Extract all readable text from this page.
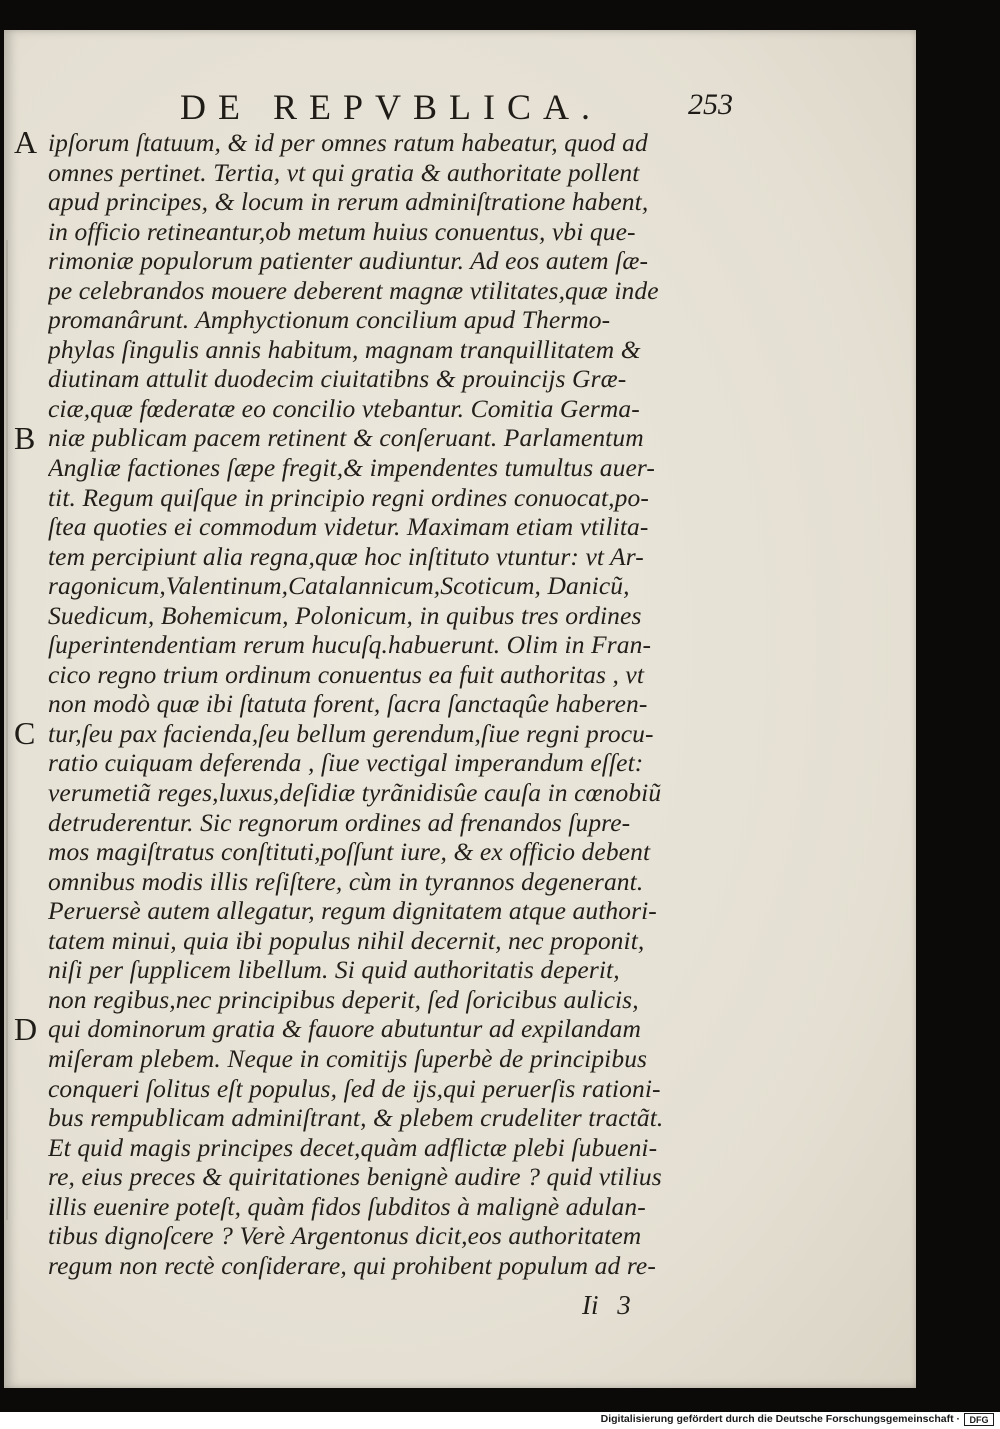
DE REPVBLICA.	253
ipſorum ſtatuum, & id per omnes ratum habeatur, quod ad
omnes pertinet. Tertia, vt qui gratia & authoritate pollent
apud principes, & locum in rerum adminiſtratione habent,
in officio retineantur,ob metum huius conuentus, vbi que-
rimoniæ populorum patienter audiuntur. Ad eos autem ſæ-
pe celebrandos mouere deberent magnæ vtilitates,quæ inde
promanârunt. Amphyctionum concilium apud Thermo-
phylas ſingulis annis habitum, magnam tranquillitatem &
diutinam attulit duodecim ciuitatibns & prouincijs Græ-
ciæ,quæ fœderatæ eo concilio vtebantur. Comitia Germa-
niæ publicam pacem retinent & conſeruant. Parlamentum
Angliæ factiones ſæpe fregit,& impendentes tumultus auer-
tit. Regum quiſque in principio regni ordines conuocat,po-
ſtea quoties ei commodum videtur. Maximam etiam vtilita-
tem percipiunt alia regna,quæ hoc inſtituto vtuntur: vt Ar-
ragonicum,Valentinum,Catalannicum,Scoticum, Danicũ,
Suedicum, Bohemicum, Polonicum, in quibus tres ordines
ſuperintendentiam rerum hucuſq.habuerunt. Olim in Fran-
cico regno trium ordinum conuentus ea fuit authoritas , vt
non modò quæ ibi ſtatuta forent, ſacra ſanctaqûe haberen-
tur,ſeu pax facienda,ſeu bellum gerendum,ſiue regni procu-
ratio cuiquam deferenda , ſiue vectigal imperandum eſſet:
verumetiã reges,luxus,deſidiæ tyrãnidisûe cauſa in cœnobiũ
detruderentur. Sic regnorum ordines ad frenandos ſupre-
mos magiſtratus conſtituti,poſſunt iure, & ex officio debent
omnibus modis illis reſiſtere, cùm in tyrannos degenerant.
Peruersè autem allegatur, regum dignitatem atque authori-
tatem minui, quia ibi populus nihil decernit, nec proponit,
niſi per ſupplicem libellum. Si quid authoritatis deperit,
non regibus,nec principibus deperit, ſed ſoricibus aulicis,
qui dominorum gratia & fauore abutuntur ad expilandam
miſeram plebem. Neque in comitijs ſuperbè de principibus
conqueri ſolitus eſt populus, ſed de ijs,qui peruerſis rationi-
bus rempublicam adminiſtrant, & plebem crudeliter tractãt.
Et quid magis principes decet,quàm adflictæ plebi ſubueni-
re, eius preces & quiritationes benignè audire ? quid vtilius
illis euenire poteſt, quàm fidos ſubditos à malignè adulan-
tibus dignoſcere ? Verè Argentonus dicit,eos authoritatem
regum non rectè conſiderare, qui prohibent populum ad re-
A
B
C
D
Ii 3
Digitalisierung gefördert durch die Deutsche Forschungsgemeinschaft ·	DFG
